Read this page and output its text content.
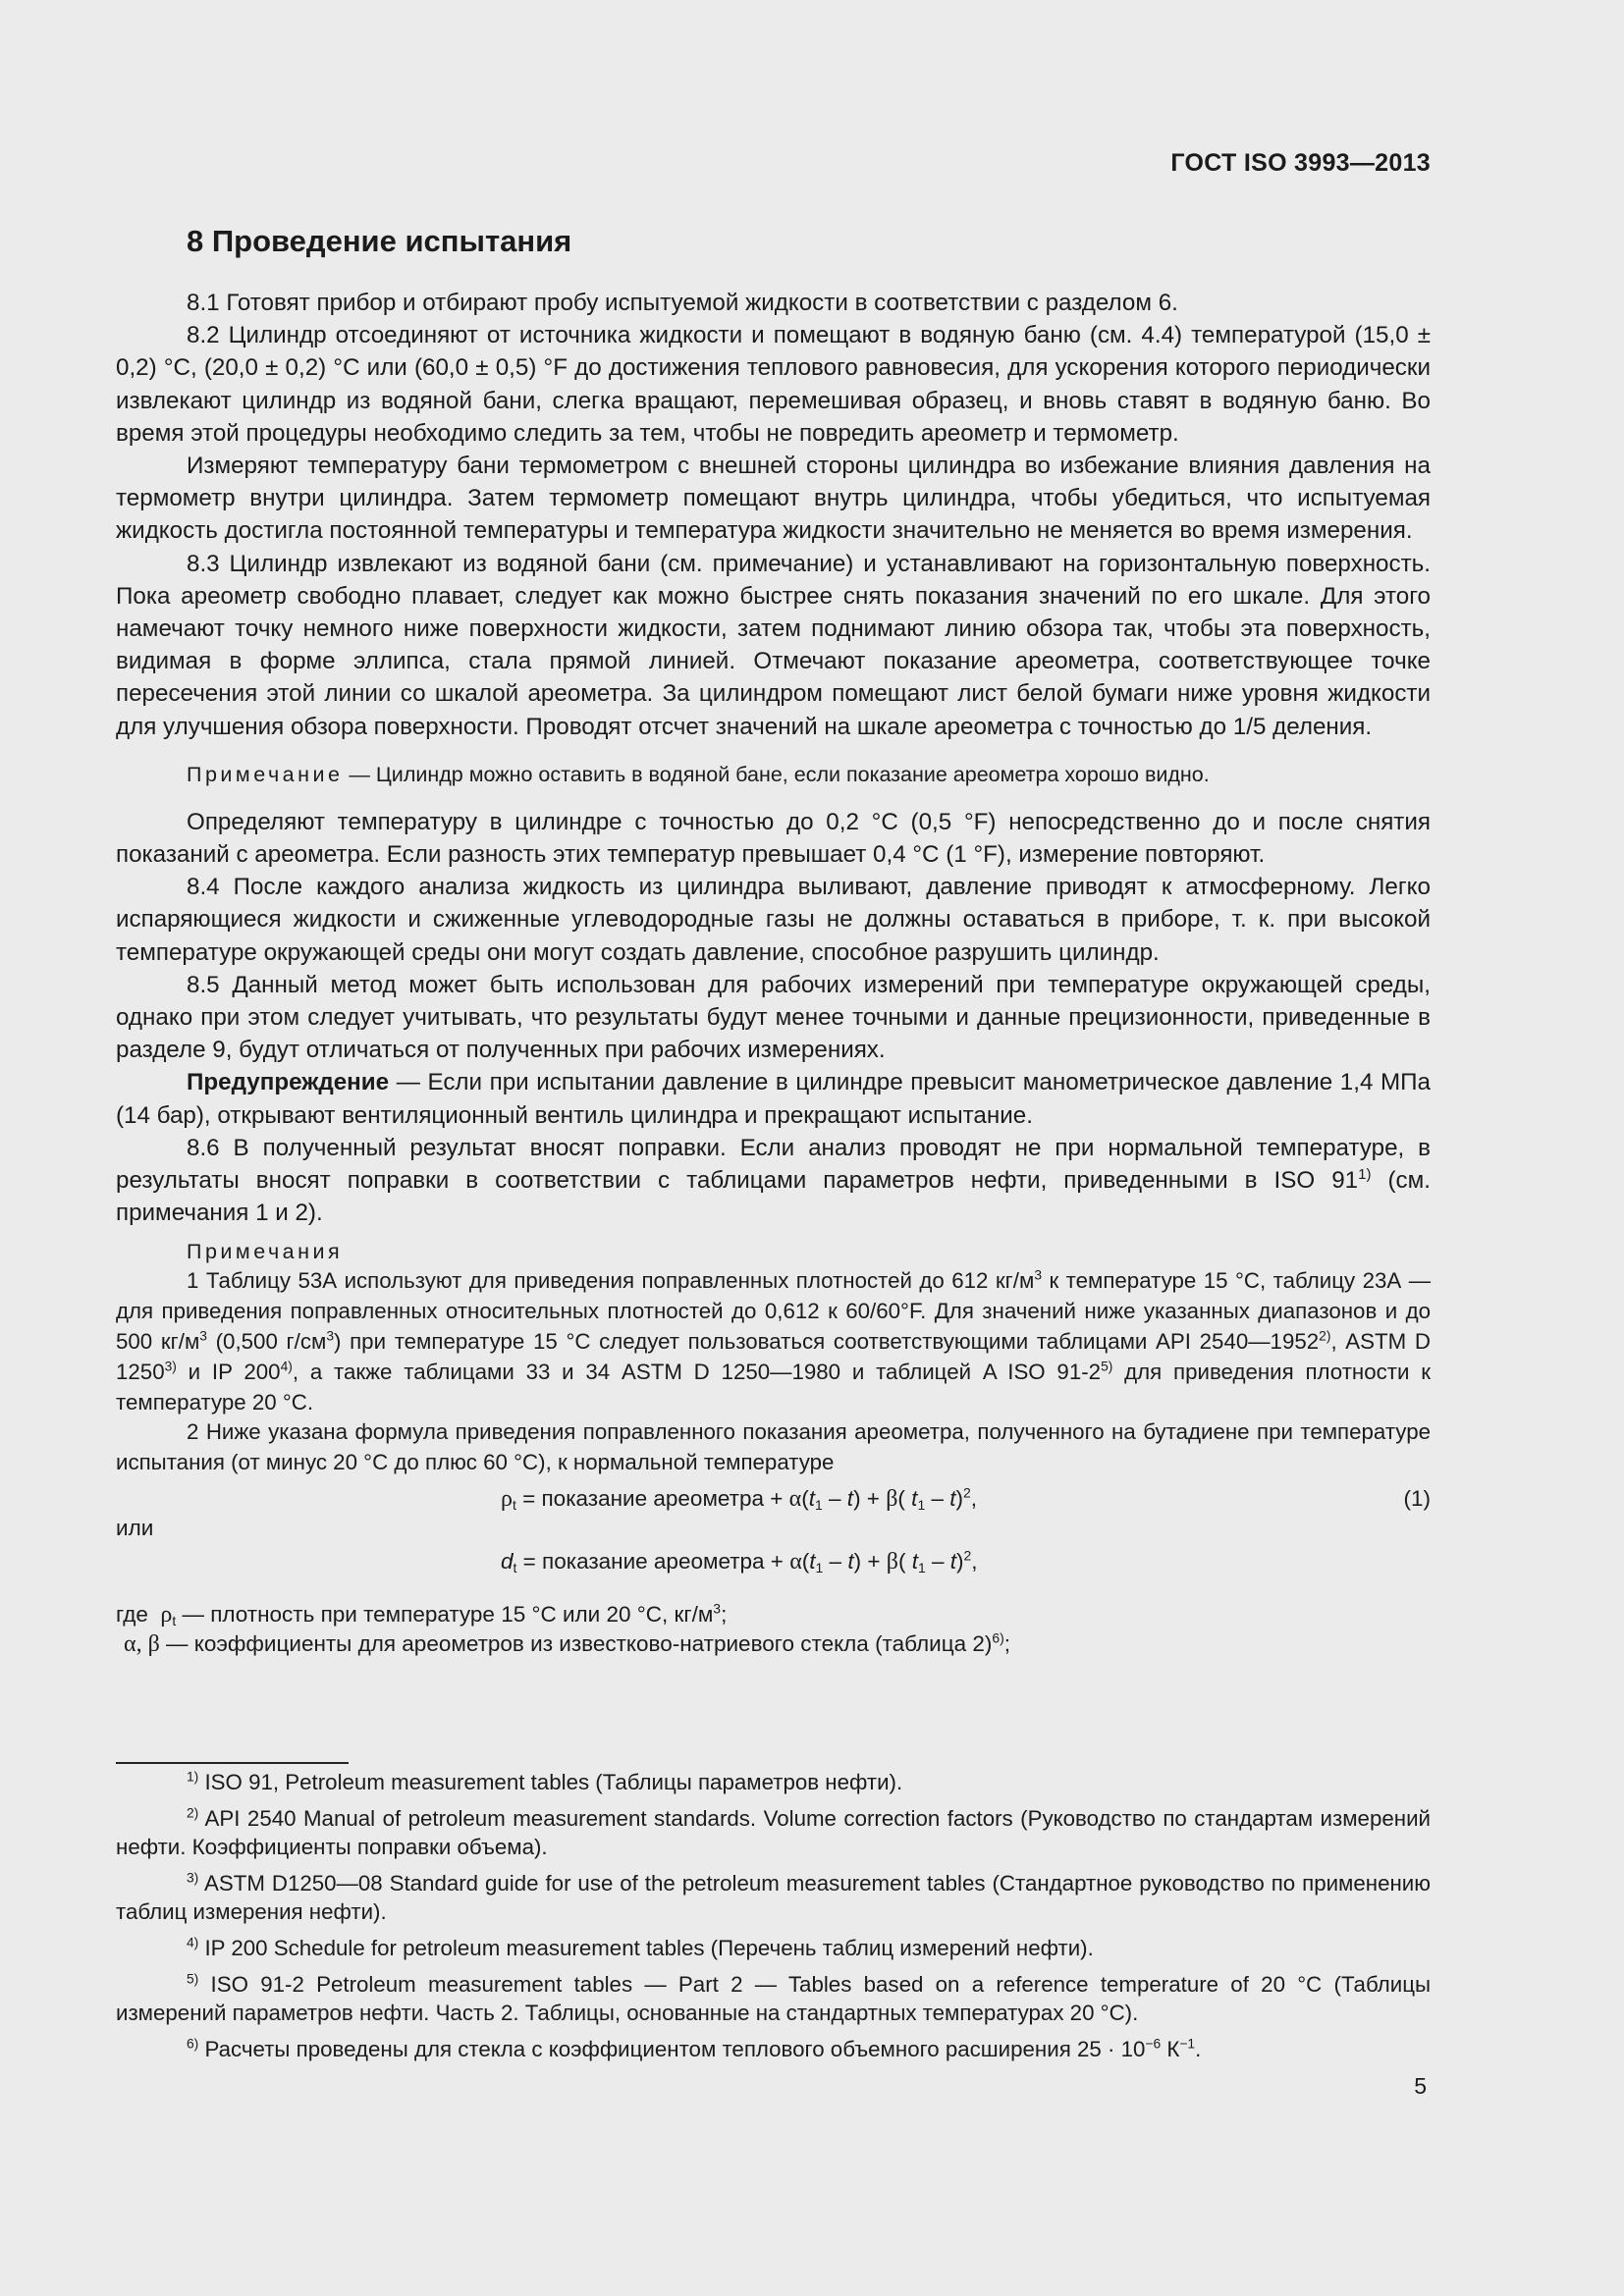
ГОСТ ISO 3993—2013
8 Проведение испытания

8.1 Готовят прибор и отбирают пробу испытуемой жидкости в соответствии с разделом 6.

8.2 Цилиндр отсоединяют от источника жидкости и помещают в водяную баню (см. 4.4) температурой (15,0 ± 0,2) °С, (20,0 ± 0,2) °С или (60,0 ± 0,5) °F до достижения теплового равновесия, для ускорения которого периодически извлекают цилиндр из водяной бани, слегка вращают, перемешивая образец, и вновь ставят в водяную баню. Во время этой процедуры необходимо следить за тем, чтобы не повредить ареометр и термометр.

Измеряют температуру бани термометром с внешней стороны цилиндра во избежание влияния давления на термометр внутри цилиндра. Затем термометр помещают внутрь цилиндра, чтобы убедиться, что испытуемая жидкость достигла постоянной температуры и температура жидкости значительно не меняется во время измерения.

8.3 Цилиндр извлекают из водяной бани (см. примечание) и устанавливают на горизонтальную поверхность. Пока ареометр свободно плавает, следует как можно быстрее снять показания значений по его шкале. Для этого намечают точку немного ниже поверхности жидкости, затем поднимают линию обзора так, чтобы эта поверхность, видимая в форме эллипса, стала прямой линией. Отмечают показание ареометра, соответствующее точке пересечения этой линии со шкалой ареометра. За цилиндром помещают лист белой бумаги ниже уровня жидкости для улучшения обзора поверхности. Проводят отсчет значений на шкале ареометра с точностью до 1/5 деления.

Примечание — Цилиндр можно оставить в водяной бане, если показание ареометра хорошо видно.

Определяют температуру в цилиндре с точностью до 0,2 °С (0,5 °F) непосредственно до и после снятия показаний с ареометра. Если разность этих температур превышает 0,4 °С (1 °F), измерение повторяют.

8.4 После каждого анализа жидкость из цилиндра выливают, давление приводят к атмосферному. Легко испаряющиеся жидкости и сжиженные углеводородные газы не должны оставаться в приборе, т. к. при высокой температуре окружающей среды они могут создать давление, способное разрушить цилиндр.

8.5 Данный метод может быть использован для рабочих измерений при температуре окружающей среды, однако при этом следует учитывать, что результаты будут менее точными и данные прецизионности, приведенные в разделе 9, будут отличаться от полученных при рабочих измерениях.

Предупреждение — Если при испытании давление в цилиндре превысит манометрическое давление 1,4 МПа (14 бар), открывают вентиляционный вентиль цилиндра и прекращают испытание.

8.6 В полученный результат вносят поправки. Если анализ проводят не при нормальной температуре, в результаты вносят поправки в соответствии с таблицами параметров нефти, приведенными в ISO 91$^{1)}$ (см. примечания 1 и 2).

Примечания

1 Таблицу 53А используют для приведения поправленных плотностей до 612 $кг/м^3$ к температуре 15 °С, таблицу 23А — для приведения поправленных относительных плотностей до 0,612 к 60/60°F. Для значений ниже указанных диапазонов и до 500 $кг/м^3$ (0,500 $г/см^3$) при температуре 15 °С следует пользоваться соответствующими таблицами API 2540—1952$^{2)}$, ASTM D 1250$^{3)}$ и IP 200$^{4)}$, а также таблицами 33 и 34 ASTM D 1250—1980 и таблицей A ISO 91-2$^{5)}$ для приведения плотности к температуре 20 °С.

2 Ниже указана формула приведения поправленного показания ареометра, полученного на бутадиене при температуре испытания (от минус 20 °С до плюс 60 °С), к нормальной температуре

$\rho_t$ = показание ареометра + $\alpha(t_1 - t) + \beta$( $t_1 - t)^2$,	(1)

или

$d_t$ = показание ареометра + $\alpha(t_1 - t) + \beta$( $t_1 - t)^2$,

где $\rho_t$ — плотность при температуре 15 °С или 20 °С, $кг/м^3$;

α, β — коэффициенты для ареометров из известково-натриевого стекла (таблица 2)$^{6)}$;

$^{1)}$ ISO 91, Petroleum measurement tables (Таблицы параметров нефти).

$^{2)}$ API 2540 Manual of petroleum measurement standards. Volume correction factors (Руководство по стандартам измерений нефти. Коэффициенты поправки объема).

$^{3)}$ ASTM D1250—08 Standard guide for use of the petroleum measurement tables (Стандартное руководство по применению таблиц измерения нефти).

$^{4)}$ IP 200 Schedule for petroleum measurement tables (Перечень таблиц измерений нефти).

$^{5)}$ ISO 91-2 Petroleum measurement tables — Part 2 — Tables based on a reference temperature of 20 °C (Таблицы измерений параметров нефти. Часть 2. Таблицы, основанные на стандартных температурах 20 °С).

$^{6)}$ Расчеты проведены для стекла с коэффициентом теплового объемного расширения $25 \cdot 10^{-6}$ $К^{-1}$.

5
